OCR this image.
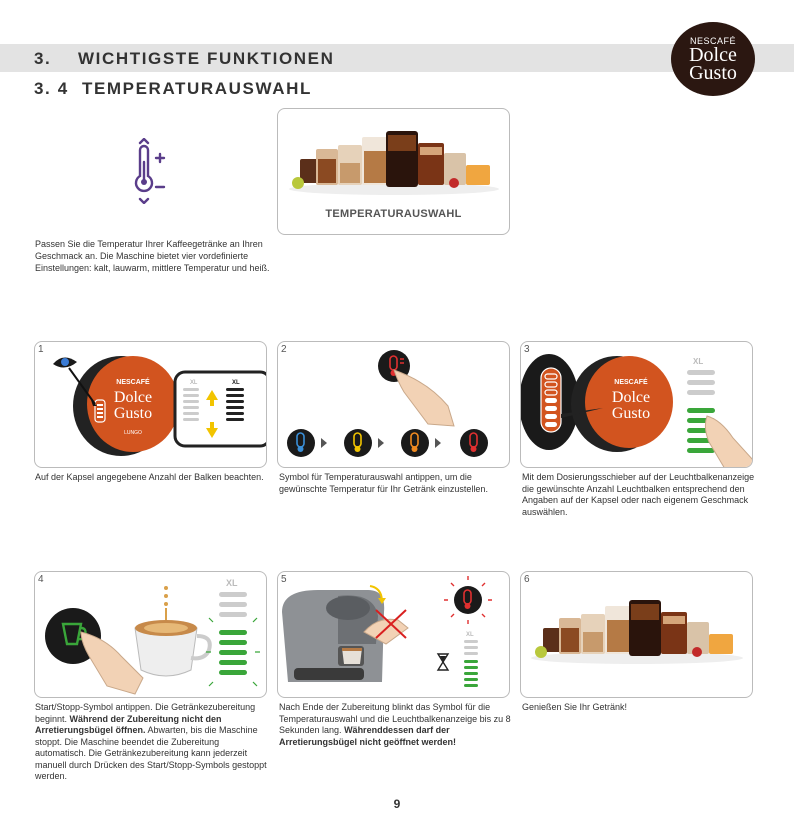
3. WICHTIGSTE FUNKTIONEN
3. 4 TEMPERATURAUSWAHL
NESCAFÉ
Dolce
Gusto
TEMPERATURAUSWAHL
Passen Sie die Temperatur Ihrer Kaffeegetränke an Ihren Geschmack an. Die Maschine bietet vier vordefinierte Einstellungen: kalt, lauwarm, mittlere Temperatur und heiß.
1
NESCAFÉ
Dolce
Gusto
LUNGO
XL	XL
Auf der Kapsel angegebene Anzahl der Balken beachten.
2
Symbol für Temperaturauswahl antippen, um die gewünschte Temperatur für Ihr Getränk einzustellen.
3
NESCAFÉ
Dolce
Gusto
XL
Mit dem Dosierungsschieber auf der Leuchtbalkenanzeige die gewünschte Anzahl Leuchtbalken entsprechend den Angaben auf der Kapsel oder nach eigenem Geschmack auswählen.
4	XL
Start/Stopp-Symbol antippen. Die Getränkezubereitung beginnt. Während der Zubereitung nicht den Arretierungsbügel öffnen. Abwarten, bis die Maschine stoppt. Die Maschine beendet die Zubereitung automatisch. Die Getränkezubereitung kann jederzeit manuell durch Drücken des Start/Stopp-Symbols gestoppt werden.
5
XL
Nach Ende der Zubereitung blinkt das Symbol für die Temperaturauswahl und die Leuchtbalkenanzeige bis zu 8 Sekunden lang. Währenddessen darf der Arretierungsbügel nicht geöffnet werden!
6
Genießen Sie Ihr Getränk!
9
